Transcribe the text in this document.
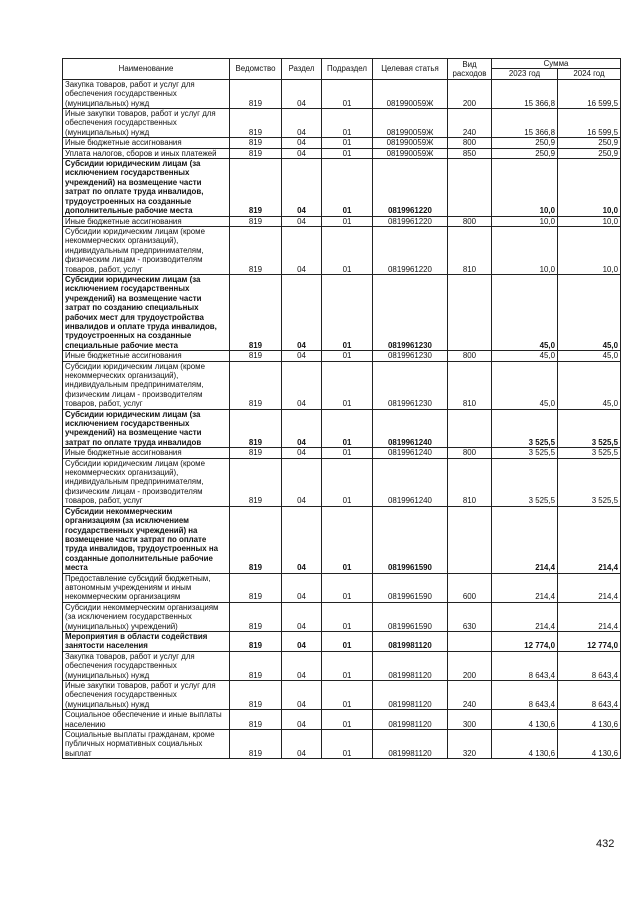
Наименование	Ведомство	Раздел	Подраздел	Целевая статья	Вид расходов	Сумма	
						2023 год	2024 год
Закупка товаров, работ и услуг для обеспечения государственных (муниципальных) нужд	819	04	01	081990059Ж	200	15 366,8	16 599,5
Иные закупки товаров, работ и услуг для обеспечения государственных (муниципальных) нужд	819	04	01	081990059Ж	240	15 366,8	16 599,5
Иные бюджетные ассигнования	819	04	01	081990059Ж	800	250,9	250,9
Уплата налогов, сборов и иных платежей	819	04	01	081990059Ж	850	250,9	250,9
Субсидии юридическим лицам (за исключением государственных учреждений) на возмещение части затрат по оплате труда инвалидов, трудоустроенных на созданные дополнительные рабочие места	819	04	01	0819961220		10,0	10,0
Иные бюджетные ассигнования	819	04	01	0819961220	800	10,0	10,0
Субсидии юридическим лицам (кроме некоммерческих организаций), индивидуальным предпринимателям, физическим лицам - производителям товаров, работ, услуг	819	04	01	0819961220	810	10,0	10,0
Субсидии юридическим лицам (за исключением государственных учреждений) на возмещение части затрат по созданию специальных рабочих мест для трудоустройства инвалидов и оплате труда инвалидов, трудоустроенных на созданные специальные рабочие места	819	04	01	0819961230		45,0	45,0
Иные бюджетные ассигнования	819	04	01	0819961230	800	45,0	45,0
Субсидии юридическим лицам (кроме некоммерческих организаций), индивидуальным предпринимателям, физическим лицам - производителям товаров, работ, услуг	819	04	01	0819961230	810	45,0	45,0
Субсидии юридическим лицам (за исключением государственных учреждений) на возмещение части затрат по оплате труда инвалидов	819	04	01	0819961240		3 525,5	3 525,5
Иные бюджетные ассигнования	819	04	01	0819961240	800	3 525,5	3 525,5
Субсидии юридическим лицам (кроме некоммерческих организаций), индивидуальным предпринимателям, физическим лицам - производителям товаров, работ, услуг	819	04	01	0819961240	810	3 525,5	3 525,5
Субсидии некоммерческим организациям (за исключением государственных учреждений) на возмещение части затрат по оплате труда инвалидов, трудоустроенных на созданные дополнительные рабочие места	819	04	01	0819961590		214,4	214,4
Предоставление субсидий бюджетным, автономным учреждениям и иным некоммерческим организациям	819	04	01	0819961590	600	214,4	214,4
Субсидии некоммерческим организациям (за исключением государственных (муниципальных) учреждений)	819	04	01	0819961590	630	214,4	214,4
Мероприятия в области содействия занятости населения	819	04	01	0819981120		12 774,0	12 774,0
Закупка товаров, работ и услуг для обеспечения государственных (муниципальных) нужд	819	04	01	0819981120	200	8 643,4	8 643,4
Иные закупки товаров, работ и услуг для обеспечения государственных (муниципальных) нужд	819	04	01	0819981120	240	8 643,4	8 643,4
Социальное обеспечение и иные выплаты населению	819	04	01	0819981120	300	4 130,6	4 130,6
Социальные выплаты гражданам, кроме публичных нормативных социальных выплат	819	04	01	0819981120	320	4 130,6	4 130,6
432
